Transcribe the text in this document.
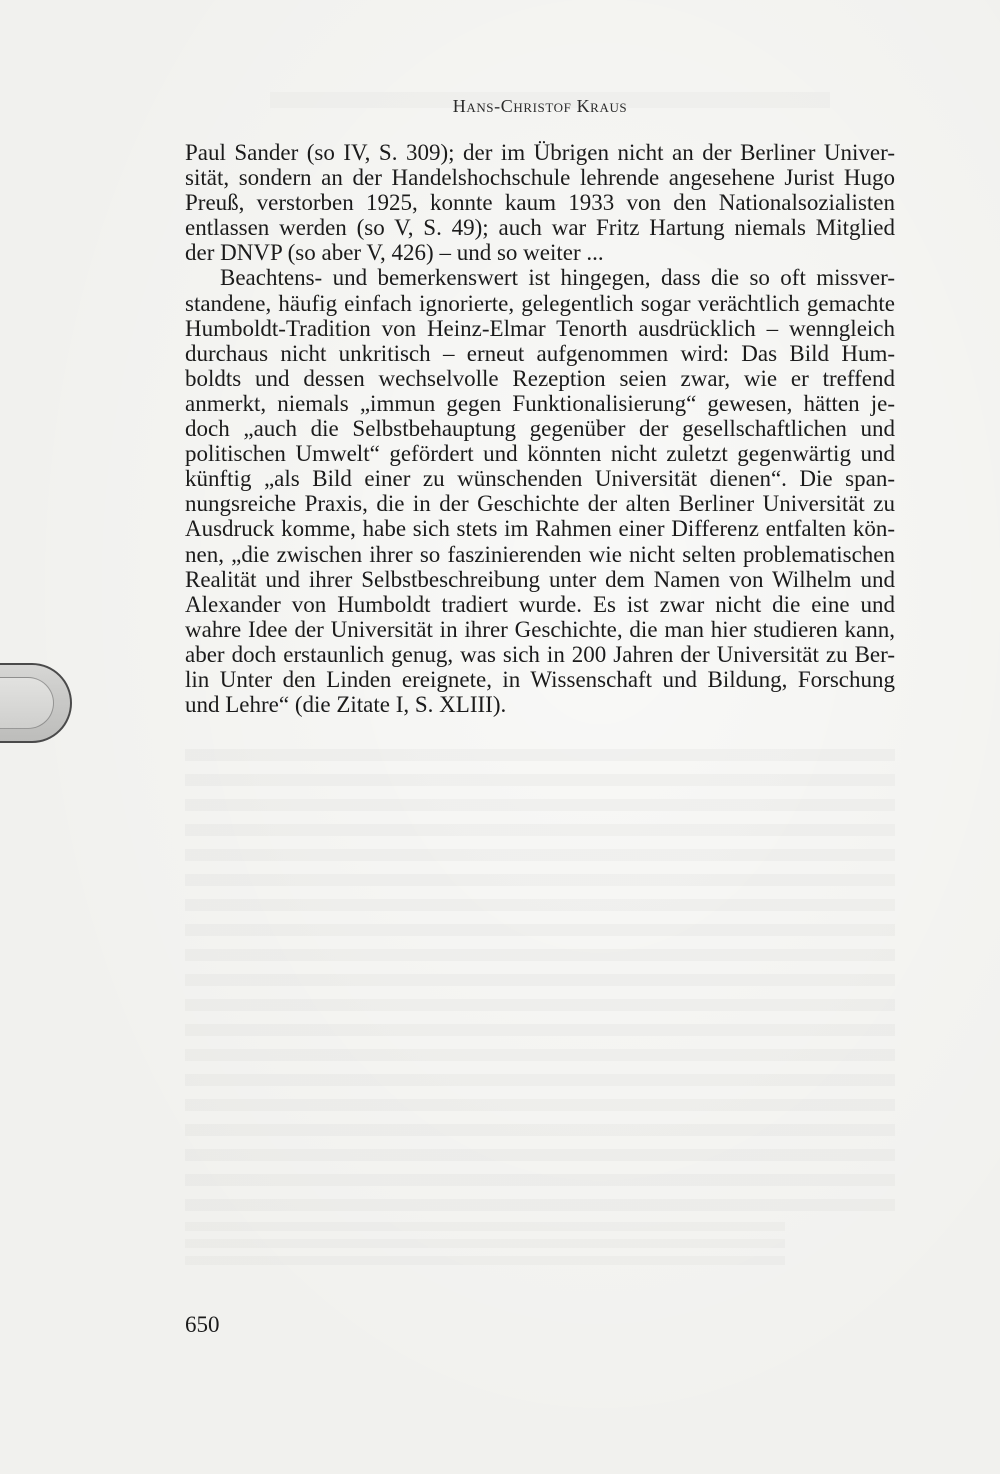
Hans-Christof Kraus
Paul Sander (so IV, S. 309); der im Übrigen nicht an der Berliner Univer-
sität, sondern an der Handelshochschule lehrende angesehene Jurist Hugo
Preuß, verstorben 1925, konnte kaum 1933 von den Nationalsozialisten
entlassen werden (so V, S. 49); auch war Fritz Hartung niemals Mitglied
der DNVP (so aber V, 426) – und so weiter ...
Beachtens- und bemerkenswert ist hingegen, dass die so oft missver-
standene, häufig einfach ignorierte, gelegentlich sogar verächtlich gemachte
Humboldt-Tradition von Heinz-Elmar Tenorth ausdrücklich – wenngleich
durchaus nicht unkritisch – erneut aufgenommen wird: Das Bild Hum-
boldts und dessen wechselvolle Rezeption seien zwar, wie er treffend
anmerkt, niemals „immun gegen Funktionalisierung“ gewesen, hätten je-
doch „auch die Selbstbehauptung gegenüber der gesellschaftlichen und
politischen Umwelt“ gefördert und könnten nicht zuletzt gegenwärtig und
künftig „als Bild einer zu wünschenden Universität dienen“. Die span-
nungsreiche Praxis, die in der Geschichte der alten Berliner Universität zu
Ausdruck komme, habe sich stets im Rahmen einer Differenz entfalten kön-
nen, „die zwischen ihrer so faszinierenden wie nicht selten problematischen
Realität und ihrer Selbstbeschreibung unter dem Namen von Wilhelm und
Alexander von Humboldt tradiert wurde. Es ist zwar nicht die eine und
wahre Idee der Universität in ihrer Geschichte, die man hier studieren kann,
aber doch erstaunlich genug, was sich in 200 Jahren der Universität zu Ber-
lin Unter den Linden ereignete, in Wissenschaft und Bildung, Forschung
und Lehre“ (die Zitate I, S. XLIII).
650
